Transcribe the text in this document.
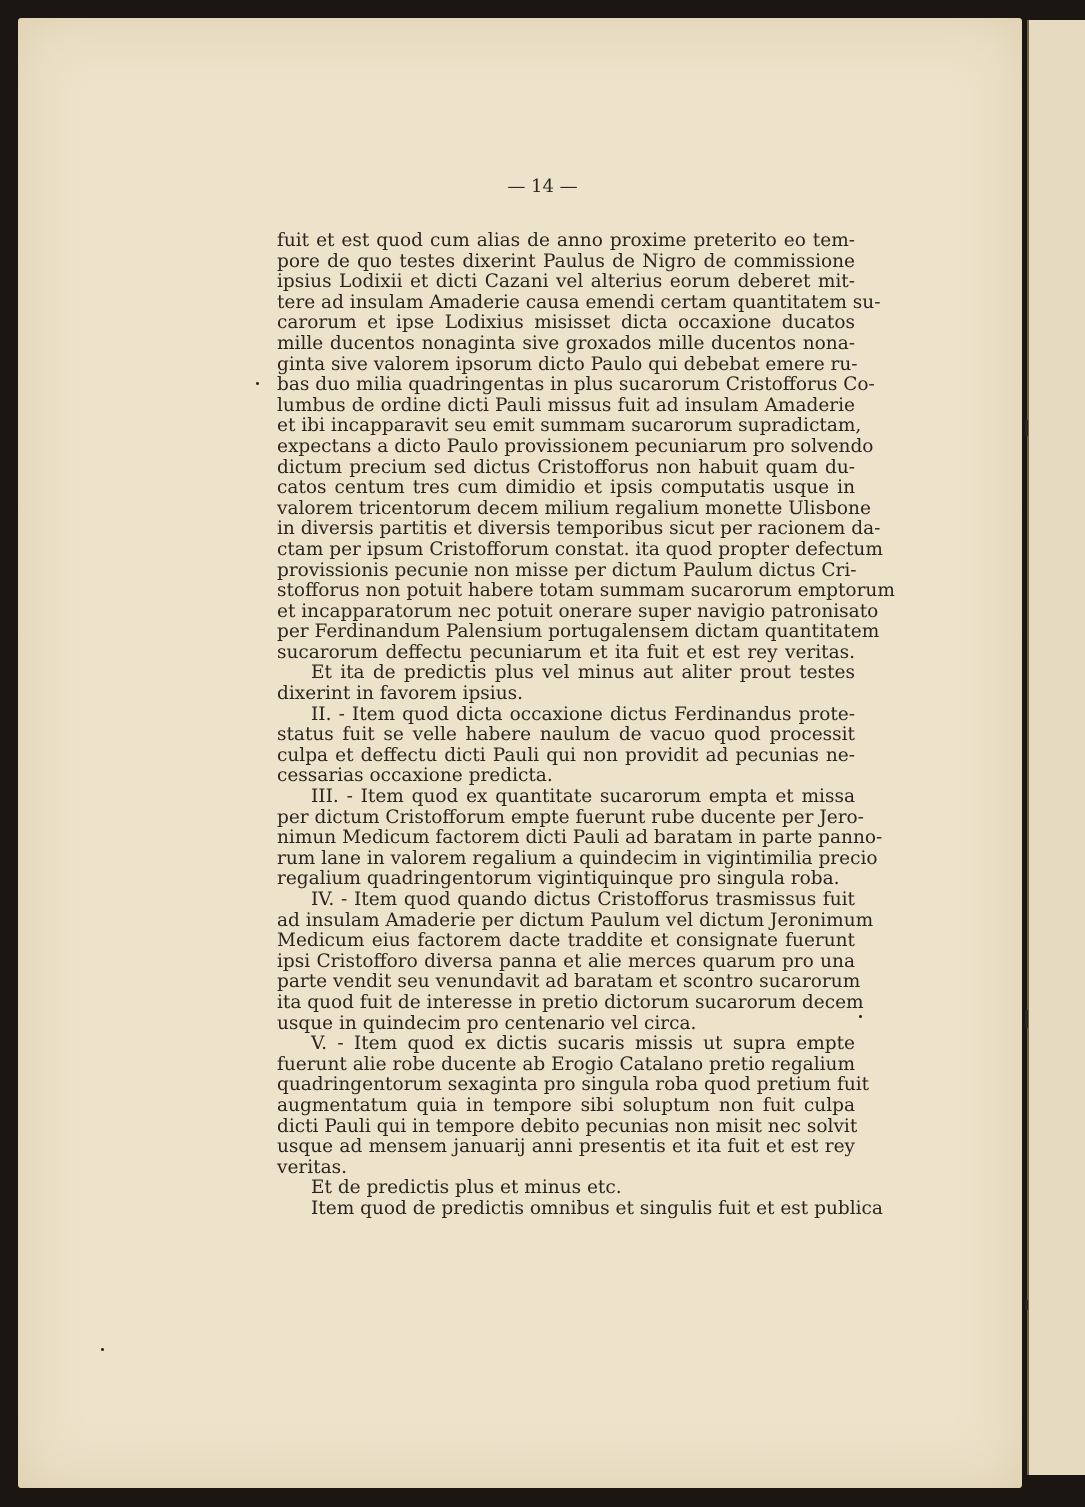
— 14 —
fuit et est quod cum alias de anno proxime preterito eo tem-
pore de quo testes dixerint Paulus de Nigro de commissione
ipsius Lodixii et dicti Cazani vel alterius eorum deberet mit-
tere ad insulam Amaderie causa emendi certam quantitatem su-
carorum et ipse Lodixius misisset dicta occaxione ducatos
mille ducentos nonaginta sive groxados mille ducentos nona-
ginta sive valorem ipsorum dicto Paulo qui debebat emere ru-
bas duo milia quadringentas in plus sucarorum Cristofforus Co-
lumbus de ordine dicti Pauli missus fuit ad insulam Amaderie
et ibi incapparavit seu emit summam sucarorum supradictam,
expectans a dicto Paulo provissionem pecuniarum pro solvendo
dictum precium sed dictus Cristofforus non habuit quam du-
catos centum tres cum dimidio et ipsis computatis usque in
valorem tricentorum decem milium regalium monette Ulisbone
in diversis partitis et diversis temporibus sicut per racionem da-
ctam per ipsum Cristofforum constat. ita quod propter defectum
provissionis pecunie non misse per dictum Paulum dictus Cri-
stofforus non potuit habere totam summam sucarorum emptorum
et incapparatorum nec potuit onerare super navigio patronisato
per Ferdinandum Palensium portugalensem dictam quantitatem
sucarorum deffectu pecuniarum et ita fuit et est rey veritas.
Et ita de predictis plus vel minus aut aliter prout testes
dixerint in favorem ipsius.
II. - Item quod dicta occaxione dictus Ferdinandus prote-
status fuit se velle habere naulum de vacuo quod processit
culpa et deffectu dicti Pauli qui non providit ad pecunias ne-
cessarias occaxione predicta.
III. - Item quod ex quantitate sucarorum empta et missa
per dictum Cristofforum empte fuerunt rube ducente per Jero-
nimun Medicum factorem dicti Pauli ad baratam in parte panno-
rum lane in valorem regalium a quindecim in vigintimilia precio
regalium quadringentorum vigintiquinque pro singula roba.
IV. - Item quod quando dictus Cristofforus trasmissus fuit
ad insulam Amaderie per dictum Paulum vel dictum Jeronimum
Medicum eius factorem dacte traddite et consignate fuerunt
ipsi Cristofforo diversa panna et alie merces quarum pro una
parte vendit seu venundavit ad baratam et scontro sucarorum
ita quod fuit de interesse in pretio dictorum sucarorum decem
usque in quindecim pro centenario vel circa.
V. - Item quod ex dictis sucaris missis ut supra empte
fuerunt alie robe ducente ab Erogio Catalano pretio regalium
quadringentorum sexaginta pro singula roba quod pretium fuit
augmentatum quia in tempore sibi soluptum non fuit culpa
dicti Pauli qui in tempore debito pecunias non misit nec solvit
usque ad mensem januarij anni presentis et ita fuit et est rey
veritas.
Et de predictis plus et minus etc.
Item quod de predictis omnibus et singulis fuit et est publica
